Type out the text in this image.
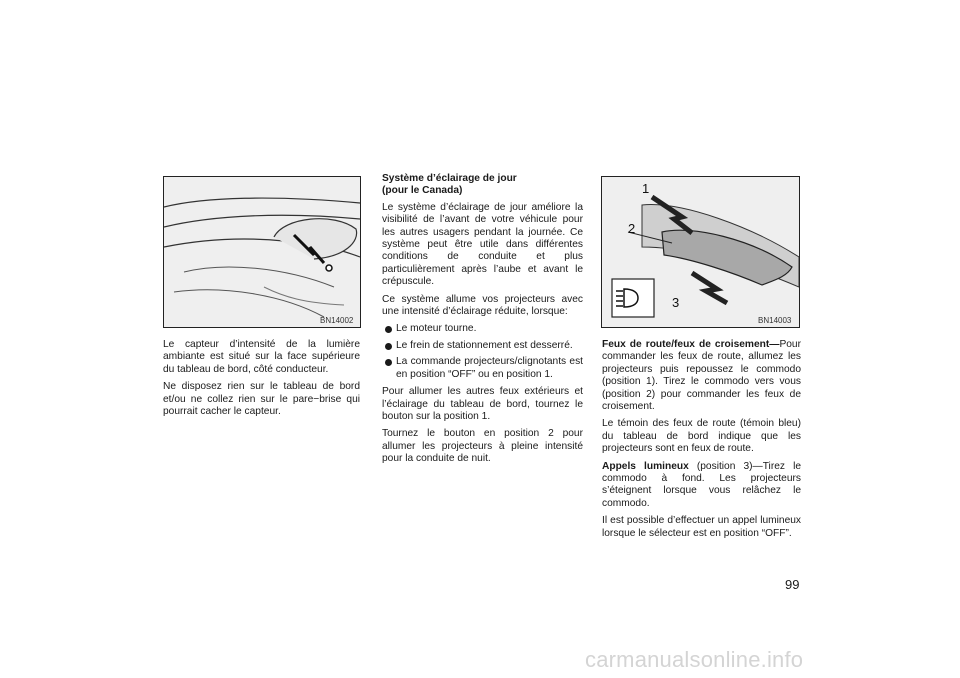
BN14002

Le capteur d’intensité de la lumière ambiante est situé sur la face supérieure du tableau de bord, côté conducteur.

Ne disposez rien sur le tableau de bord et/ou ne collez rien sur le pare−brise qui pourrait cacher le capteur.

Système d’éclairage de jour
(pour le Canada)

Le système d’éclairage de jour améliore la visibilité de l’avant de votre véhicule pour les autres usagers pendant la journée. Ce système peut être utile dans différentes conditions de conduite et plus particulièrement après l’aube et avant le crépuscule.

Ce système allume vos projecteurs avec une intensité d’éclairage réduite, lorsque:

Le moteur tourne.
Le frein de stationnement est desserré.
La commande projecteurs/clignotants est en position “OFF” ou en position 1.

Pour allumer les autres feux extérieurs et l’éclairage du tableau de bord, tournez le bouton sur la position 1.

Tournez le bouton en position 2 pour allumer les projecteurs à pleine intensité pour la conduite de nuit.

1
2
3
BN14003

Feux de route/feux de croisement—Pour commander les feux de route, allumez les projecteurs puis repoussez le commodo (position 1). Tirez le commodo vers vous (position 2) pour commander les feux de croisement.

Le témoin des feux de route (témoin bleu) du tableau de bord indique que les projecteurs sont en feux de route.

Appels lumineux (position 3)—Tirez le commodo à fond. Les projecteurs s’éteignent lorsque vous relâchez le commodo.

Il est possible d’effectuer un appel lumineux lorsque le sélecteur est en position “OFF”.

99
carmanualsonline.info
